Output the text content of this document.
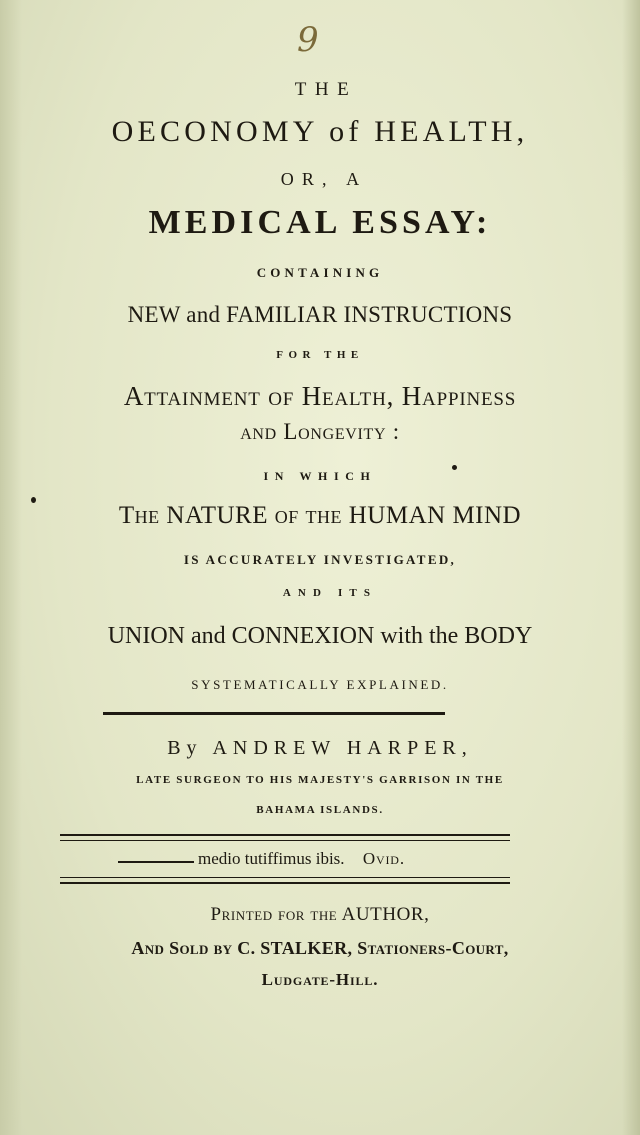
9
THE
OECONOMY of HEALTH,
OR, A
MEDICAL ESSAY:
CONTAINING
NEW and FAMILIAR INSTRUCTIONS
FOR THE
Attainment of Health, Happiness
and Longevity :
IN WHICH
The NATURE of the HUMAN MIND
IS ACCURATELY INVESTIGATED,
AND ITS
UNION and CONNEXION with the BODY
SYSTEMATICALLY EXPLAINED.
By ANDREW HARPER,
LATE SURGEON TO HIS MAJESTY'S GARRISON IN THE
BAHAMA ISLANDS.
medio tutiffimus ibis. Ovid.
Printed for the AUTHOR,
And Sold by C. STALKER, Stationers-Court,
Ludgate-Hill.
